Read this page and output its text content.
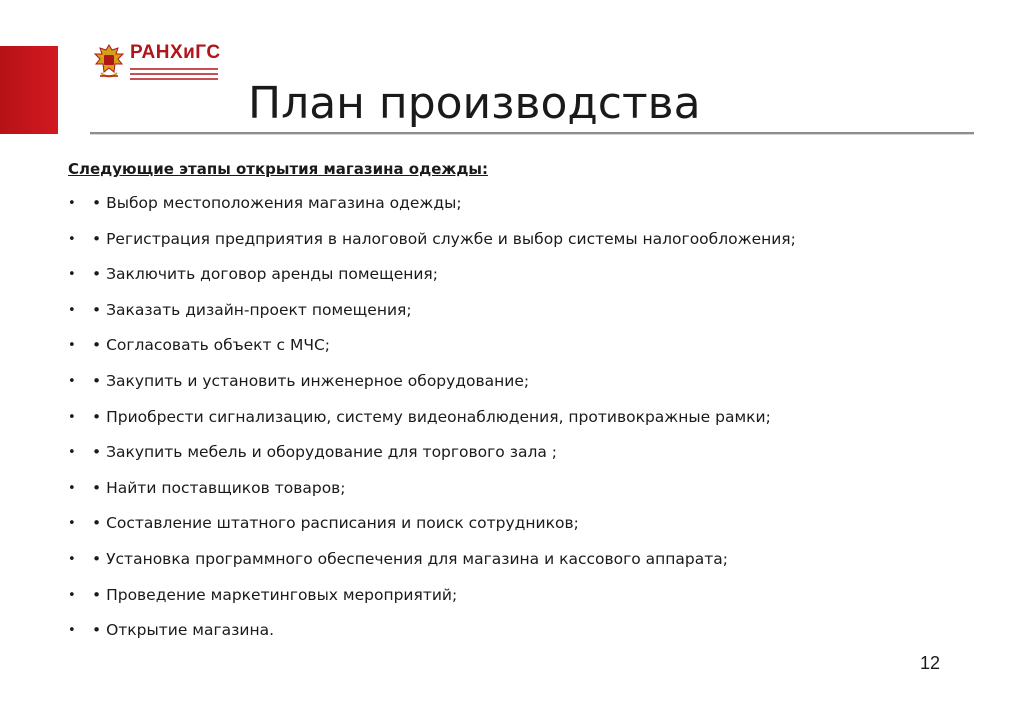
РАНХиГС
План производства

Следующие этапы открытия магазина одежды:

• • Выбор местоположения магазина одежды;
• • Регистрация предприятия в налоговой службе и выбор системы налогообложения;
• • Заключить договор аренды помещения;
• • Заказать дизайн-проект помещения;
• • Согласовать объект с МЧС;
• • Закупить и установить инженерное оборудование;
• • Приобрести сигнализацию, систему видеонаблюдения, противокражные рамки;
• • Закупить мебель и оборудование для торгового зала ;
• • Найти поставщиков товаров;
• • Составление штатного расписания и поиск сотрудников;
• • Установка программного обеспечения для магазина и кассового аппарата;
• • Проведение маркетинговых мероприятий;
• • Открытие магазина.
12
